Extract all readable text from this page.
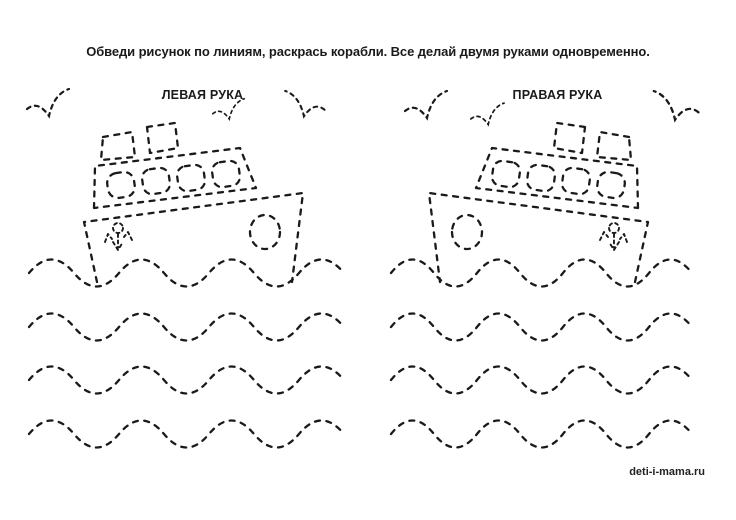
Обведи рисунок по линиям, раскрась корабли. Все делай двумя руками одновременно.
ЛЕВАЯ РУКА	ПРАВАЯ РУКА
deti-i-mama.ru
